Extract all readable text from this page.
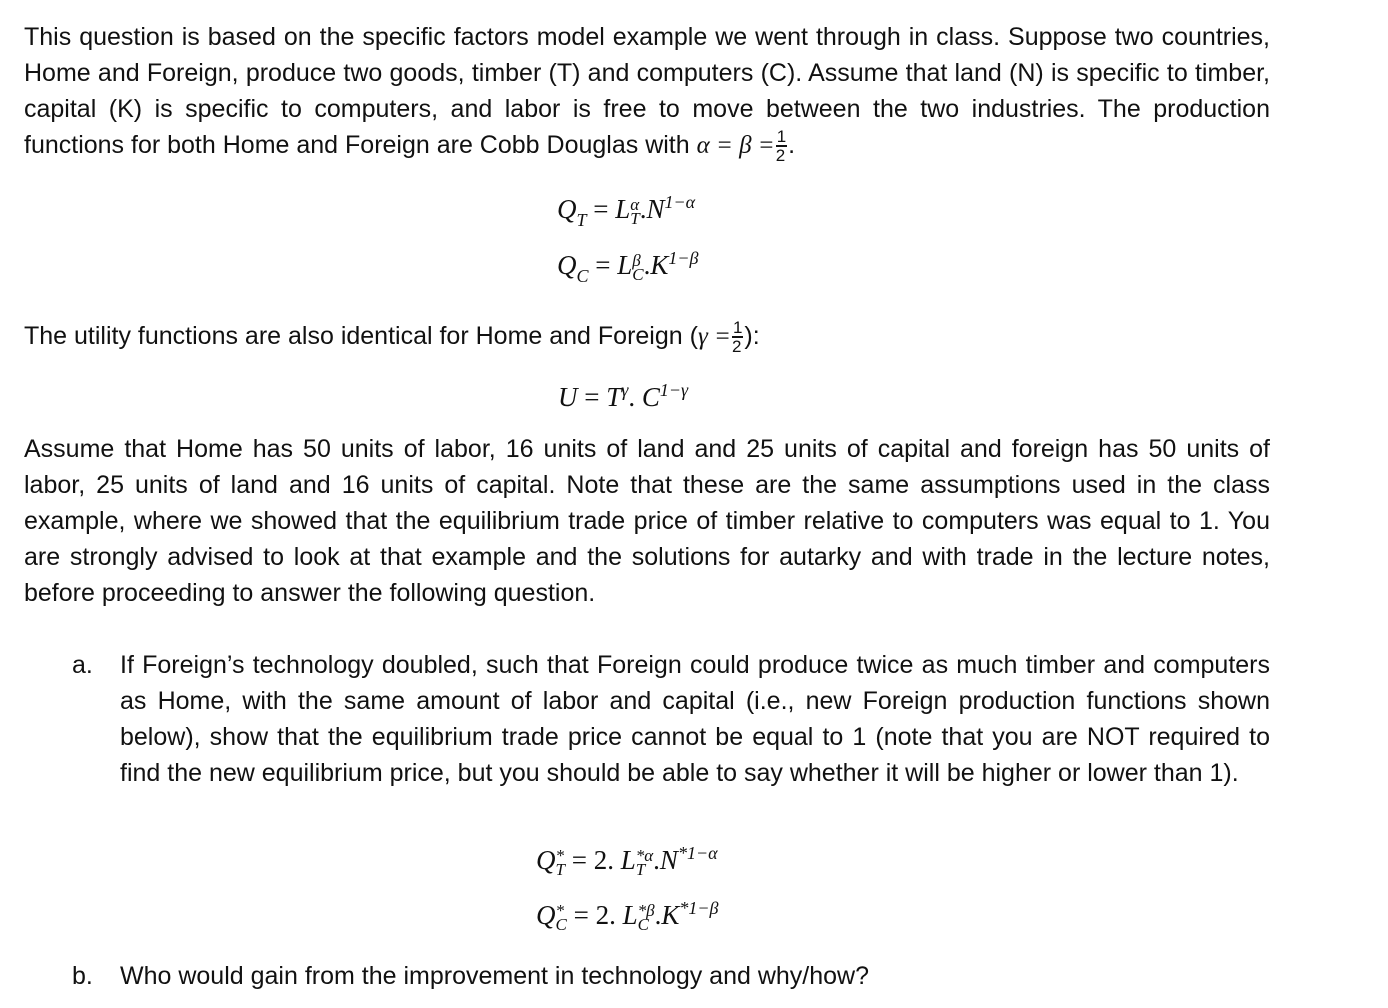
This question is based on the specific factors model example we went through in class. Suppose two countries, Home and Foreign, produce two goods, timber (T) and computers (C). Assume that land (N) is specific to timber, capital (K) is specific to computers, and labor is free to move between the two industries. The production functions for both Home and Foreign are Cobb Douglas with $\alpha = \beta = \frac{1}{2}$ .
$Q_T = L$ α
T $.N^{1-\alpha}$
$Q_C = L$ β
C $.K^{1-\beta}$
The utility functions are also identical for Home and Foreign ($\gamma = \frac{1}{2}$ ):
$U = T^\gamma$. $C^{1-\gamma}$
Assume that Home has 50 units of labor, 16 units of land and 25 units of capital and foreign has 50 units of labor, 25 units of land and 16 units of capital. Note that these are the same assumptions used in the class example, where we showed that the equilibrium trade price of timber relative to computers was equal to 1. You are strongly advised to look at that example and the solutions for autarky and with trade in the lecture notes, before proceeding to answer the following question.
a.	If Foreign’s technology doubled, such that Foreign could produce twice as much timber and computers as Home, with the same amount of labor and capital (i.e., new Foreign production functions shown below), show that the equilibrium trade price cannot be equal to 1 (note that you are NOT required to find the new equilibrium price, but you should be able to say whether it will be higher or lower than 1).
Q *
T = 2. L *α
T $.N^{*1-\alpha}$
Q *
C = 2. L *β
C $.K^{*1-\beta}$
b.	Who would gain from the improvement in technology and why/how?
